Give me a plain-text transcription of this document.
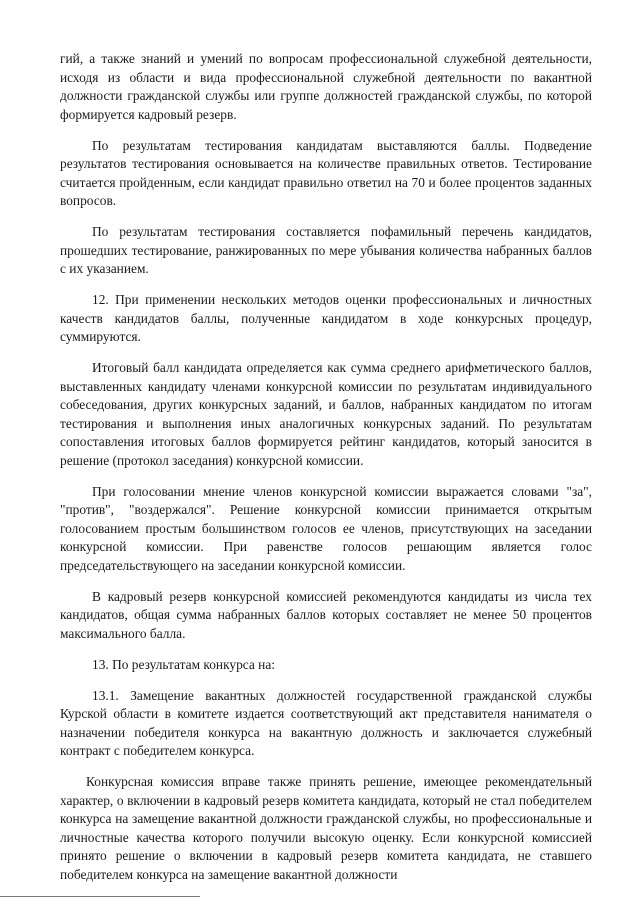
гий, а также знаний и умений по вопросам профессиональной служебной деятельности, исходя из области и вида профессиональной служебной деятельности по вакантной должности гражданской службы или группе должностей гражданской службы, по которой формируется кадровый резерв.

По результатам тестирования кандидатам выставляются баллы. Подведение результатов тестирования основывается на количестве правильных ответов. Тестирование считается пройденным, если кандидат правильно ответил на 70 и более процентов заданных вопросов.

По результатам тестирования составляется пофамильный перечень кандидатов, прошедших тестирование, ранжированных по мере убывания количества набранных баллов с их указанием.

12. При применении нескольких методов оценки профессиональных и личностных качеств кандидатов баллы, полученные кандидатом в ходе конкурсных процедур, суммируются.

Итоговый балл кандидата определяется как сумма среднего арифметического баллов, выставленных кандидату членами конкурсной комиссии по результатам индивидуального собеседования, других конкурсных заданий, и баллов, набранных кандидатом по итогам тестирования и выполнения иных аналогичных конкурсных заданий. По результатам сопоставления итоговых баллов формируется рейтинг кандидатов, который заносится в решение (протокол заседания) конкурсной комиссии.

При голосовании мнение членов конкурсной комиссии выражается словами "за", "против", "воздержался". Решение конкурсной комиссии принимается открытым голосованием простым большинством голосов ее членов, присутствующих на заседании конкурсной комиссии. При равенстве голосов решающим является голос председательствующего на заседании конкурсной комиссии.

В кадровый резерв конкурсной комиссией рекомендуются кандидаты из числа тех кандидатов, общая сумма набранных баллов которых составляет не менее 50 процентов максимального балла.

13. По результатам конкурса на:

13.1. Замещение вакантных должностей государственной гражданской службы Курской области в комитете издается соответствующий акт представителя нанимателя о назначении победителя конкурса на вакантную должность и заключается служебный контракт с победителем конкурса.

Конкурсная комиссия вправе также принять решение, имеющее рекомендательный характер, о включении в кадровый резерв комитета кандидата, который не стал победителем конкурса на замещение вакантной должности гражданской службы, но профессиональные и личностные качества которого получили высокую оценку. Если конкурсной комиссией принято решение о включении в кадровый резерв комитета кандидата, не ставшего победителем конкурса на замещение вакантной должности
